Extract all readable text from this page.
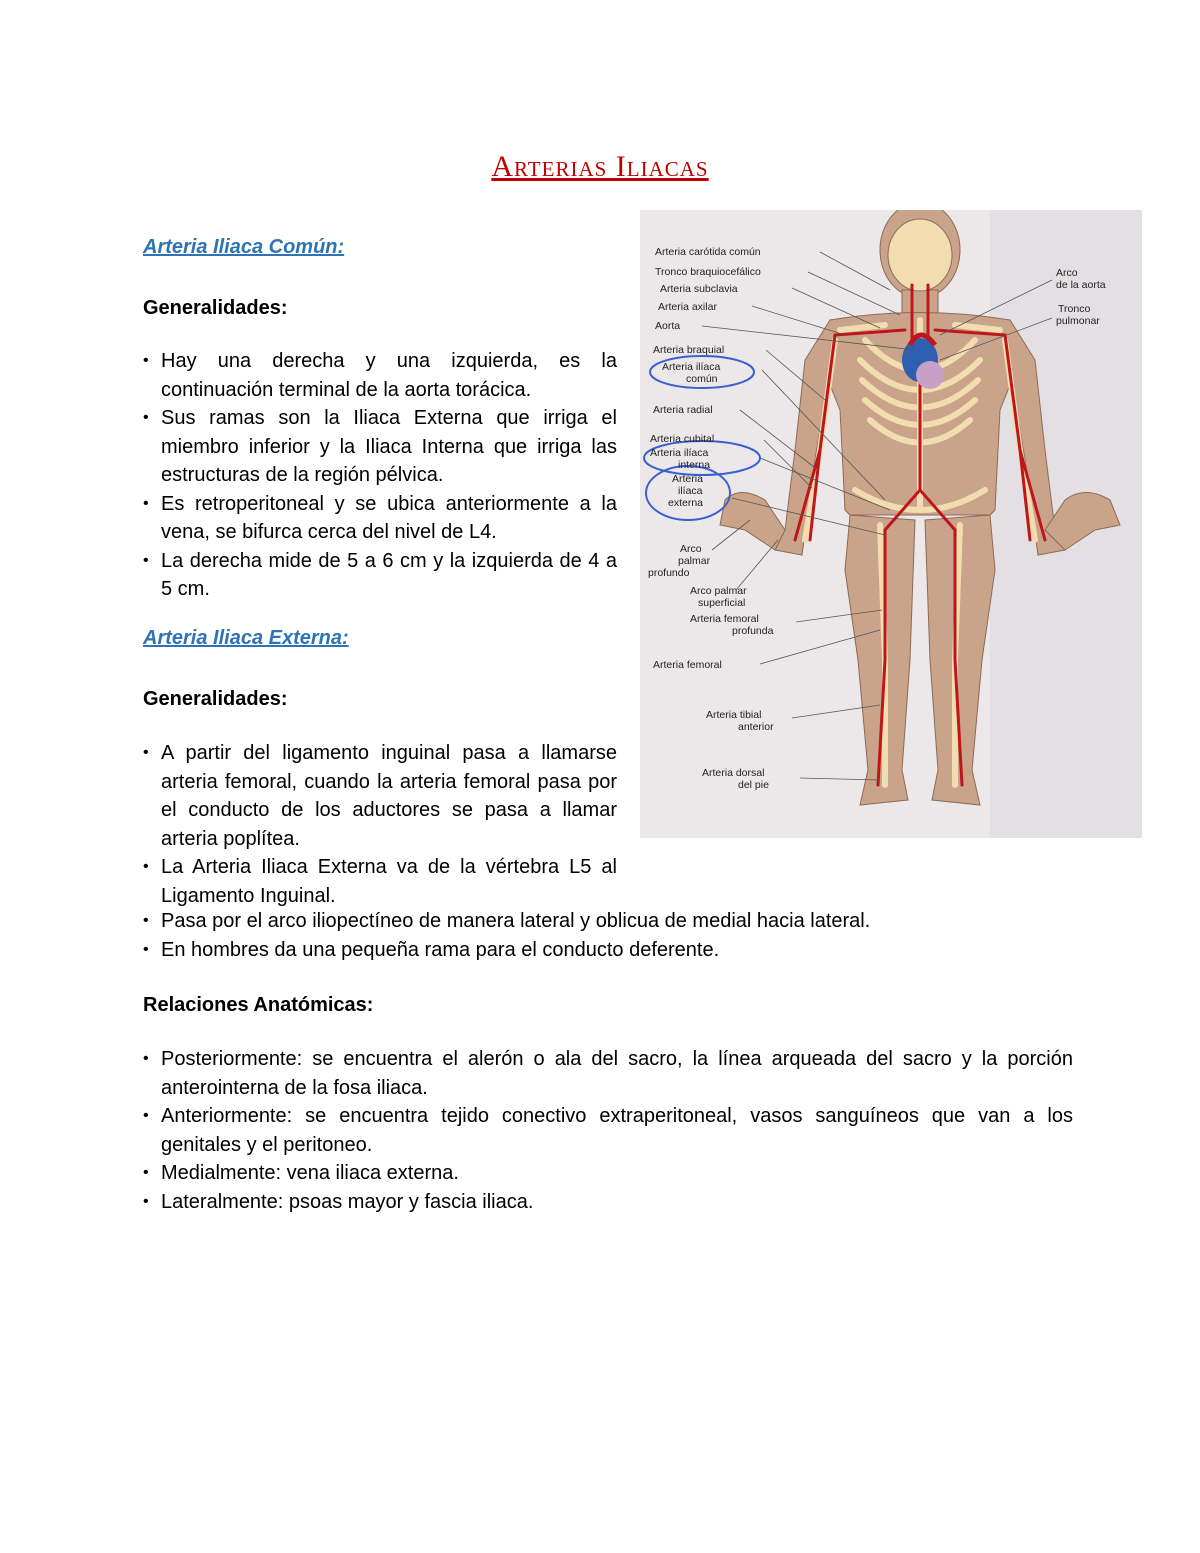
Arterias Iliacas
Arteria Iliaca Común:
Generalidades:
• Hay una derecha y una izquierda, es la continuación terminal de la aorta torácica.
• Sus ramas son la Iliaca Externa que irriga el miembro inferior y la Iliaca Interna que irriga las estructuras de la región pélvica.
• Es retroperitoneal y se ubica anteriormente a la vena, se bifurca cerca del nivel de L4.
• La derecha mide de 5 a 6 cm y la izquierda de 4 a 5 cm.
Arteria Iliaca Externa:
Generalidades:
• A partir del ligamento inguinal pasa a llamarse arteria femoral, cuando la arteria femoral pasa por el conducto de los aductores se pasa a llamar arteria poplítea.
• La Arteria Iliaca Externa va de la vértebra L5 al Ligamento Inguinal.
• Pasa por el arco iliopectíneo de manera lateral y oblicua de medial hacia lateral.
• En hombres da una pequeña rama para el conducto deferente.
Relaciones Anatómicas:
• Posteriormente: se encuentra el alerón o ala del sacro, la línea arqueada del sacro y la porción anterointerna de la fosa iliaca.
• Anteriormente: se encuentra tejido conectivo extraperitoneal, vasos sanguíneos que van a los genitales y el peritoneo.
• Medialmente: vena iliaca externa.
• Lateralmente: psoas mayor y fascia iliaca.
Arteria carótida común
Tronco braquiocefálico
Arteria subclavia
Arteria axilar
Aorta
Arteria braquial
Arteria ilíaca
común
Arteria radial
Arteria cubital
Arteria ilíaca
interna
Arteria
ilíaca
externa
Arco
palmar
profundo
Arco palmar
superficial
Arteria femoral
profunda
Arteria femoral
Arteria tibial
anterior
Arteria dorsal
del pie
Arco
de la aorta
Tronco
pulmonar
